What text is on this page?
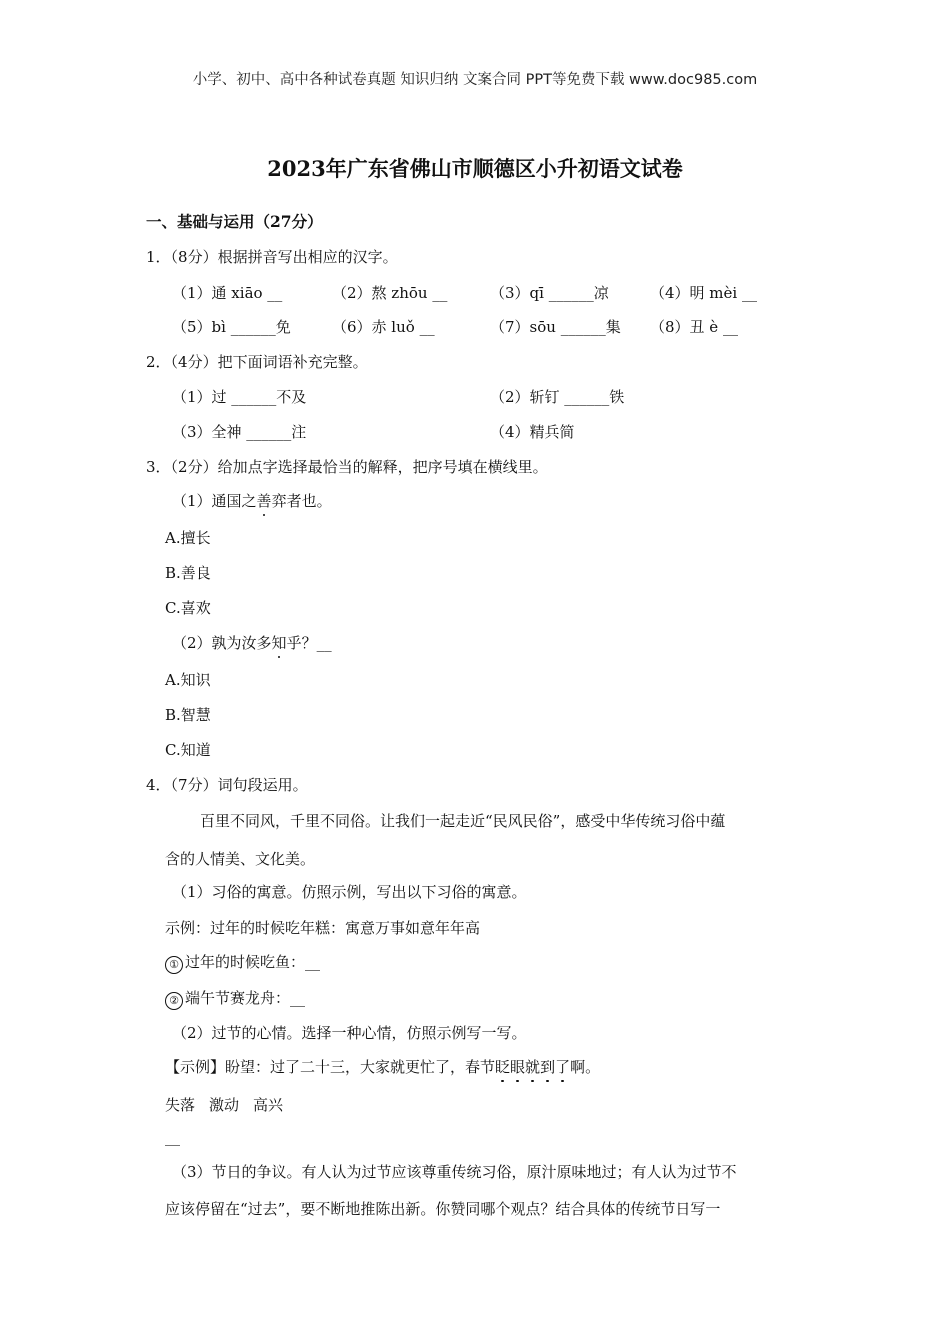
小学、初中、高中各种试卷真题 知识归纳 文案合同 PPT等免费下载 www.doc985.com
2023年广东省佛山市顺德区小升初语文试卷
一、基础与运用（27分）
1．（8分）根据拼音写出相应的汉字。
（1）通 xiāo __	（2）熬 zhōu __	（3）qī ______凉	（4）明 mèi __
（5）bì ______免	（6）赤 luǒ __	（7）sōu ______集 （8）丑 è __
2．（4分）把下面词语补充完整。
（1）过 ______不及	（2）斩钉 ______铁
（3）全神 ______注	（4）精兵简
3．（2分）给加点字选择最恰当的解释，把序号填在横线里。
（1）通国之善弈者也。
A.擅长
B.善良
C.喜欢
（2）孰为汝多知乎？__
A.知识
B.智慧
C.知道
4．（7分）词句段运用。
百里不同风，千里不同俗。让我们一起走近“民风民俗”，感受中华传统习俗中蕴
含的人情美、文化美。
（1）习俗的寓意。仿照示例，写出以下习俗的寓意。
示例：过年的时候吃年糕：寓意万事如意年年高
① 过年的时候吃鱼：__
② 端午节赛龙舟：__
（2）过节的心情。选择一种心情，仿照示例写一写。
【示例】盼望：过了二十三，大家就更忙了，春节眨眼就到了啊。
失落 激动 高兴
__
（3）节日的争议。有人认为过节应该尊重传统习俗，原汁原味地过；有人认为过节不
应该停留在“过去”，要不断地推陈出新。你赞同哪个观点？结合具体的传统节日写一
